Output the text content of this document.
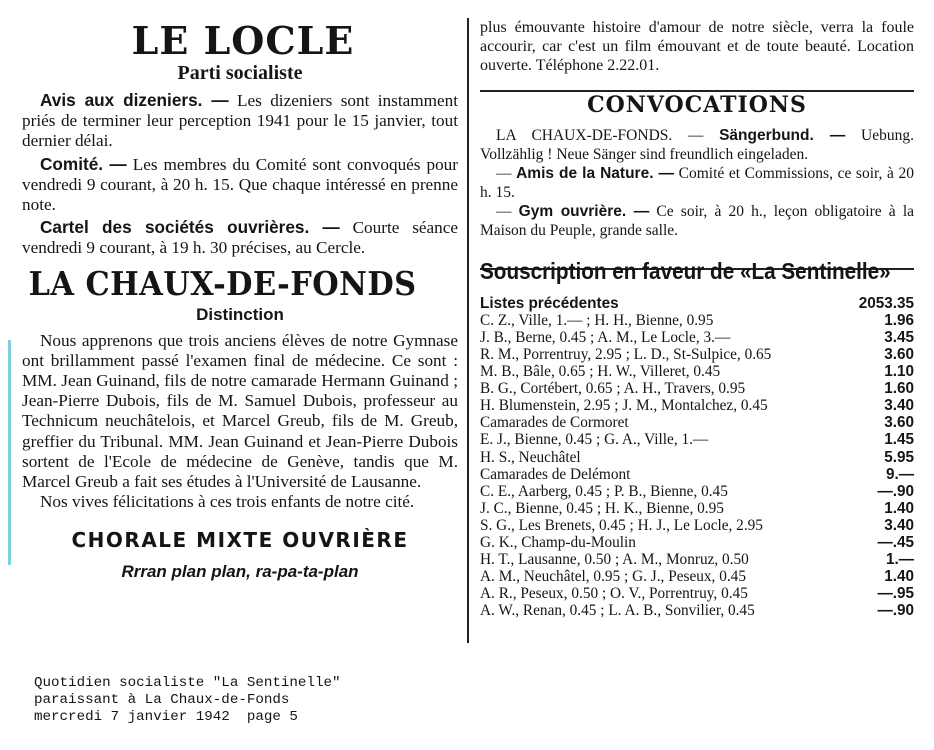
LE LOCLE
Parti socialiste

Avis aux dizeniers. — Les dizeniers sont instamment priés de terminer leur perception 1941 pour le 15 janvier, tout dernier délai.

Comité. — Les membres du Comité sont convoqués pour vendredi 9 courant, à 20 h. 15. Que chaque intéressé en prenne note.

Cartel des sociétés ouvrières. — Courte séance vendredi 9 courant, à 19 h. 30 précises, au Cercle.

LA CHAUX-DE-FONDS
Distinction

Nous apprenons que trois anciens élèves de notre Gymnase ont brillamment passé l'examen final de médecine. Ce sont : MM. Jean Guinand, fils de notre camarade Hermann Guinand ; Jean-Pierre Dubois, fils de M. Samuel Dubois, professeur au Technicum neuchâtelois, et Marcel Greub, fils de M. Greub, greffier du Tribunal. MM. Jean Guinand et Jean-Pierre Dubois sortent de l'Ecole de médecine de Genève, tandis que M. Marcel Greub a fait ses études à l'Université de Lausanne.

Nos vives félicitations à ces trois enfants de notre cité.

CHORALE MIXTE OUVRIÈRE
Rrran plan plan, ra-pa-ta-plan

plus émouvante histoire d'amour de notre siècle, verra la foule accourir, car c'est un film émouvant et de toute beauté. Location ouverte. Téléphone 2.22.01.

CONVOCATIONS

LA CHAUX-DE-FONDS. — Sängerbund. — Uebung. Vollzählig ! Neue Sänger sind freundlich eingeladen.

— Amis de la Nature. — Comité et Commissions, ce soir, à 20 h. 15.

— Gym ouvrière. — Ce soir, à 20 h., leçon obligatoire à la Maison du Peuple, grande salle.

Souscription en faveur de «La Sentinelle»
Listes précédentes	2053.35
C. Z., Ville, 1.— ; H. H., Bienne, 0.95	1.96
J. B., Berne, 0.45 ; A. M., Le Locle, 3.—	3.45
R. M., Porrentruy, 2.95 ; L. D., St-Sulpice, 0.65	3.60
M. B., Bâle, 0.65 ; H. W., Villeret, 0.45	1.10
B. G., Cortébert, 0.65 ; A. H., Travers, 0.95	1.60
H. Blumenstein, 2.95 ; J. M., Montalchez, 0.45	3.40
Camarades de Cormoret	3.60
E. J., Bienne, 0.45 ; G. A., Ville, 1.—	1.45
H. S., Neuchâtel	5.95
Camarades de Delémont	9.—
C. E., Aarberg, 0.45 ; P. B., Bienne, 0.45	—.90
J. C., Bienne, 0.45 ; H. K., Bienne, 0.95	1.40
S. G., Les Brenets, 0.45 ; H. J., Le Locle, 2.95	3.40
G. K., Champ-du-Moulin	—.45
H. T., Lausanne, 0.50 ; A. M., Monruz, 0.50	1.—
A. M., Neuchâtel, 0.95 ; G. J., Peseux, 0.45	1.40
A. R., Peseux, 0.50 ; O. V., Porrentruy, 0.45	—.95
A. W., Renan, 0.45 ; L. A. B., Sonvilier, 0.45	—.90
Quotidien socialiste "La Sentinelle"
paraissant à La Chaux-de-Fonds
mercredi 7 janvier 1942  page 5
